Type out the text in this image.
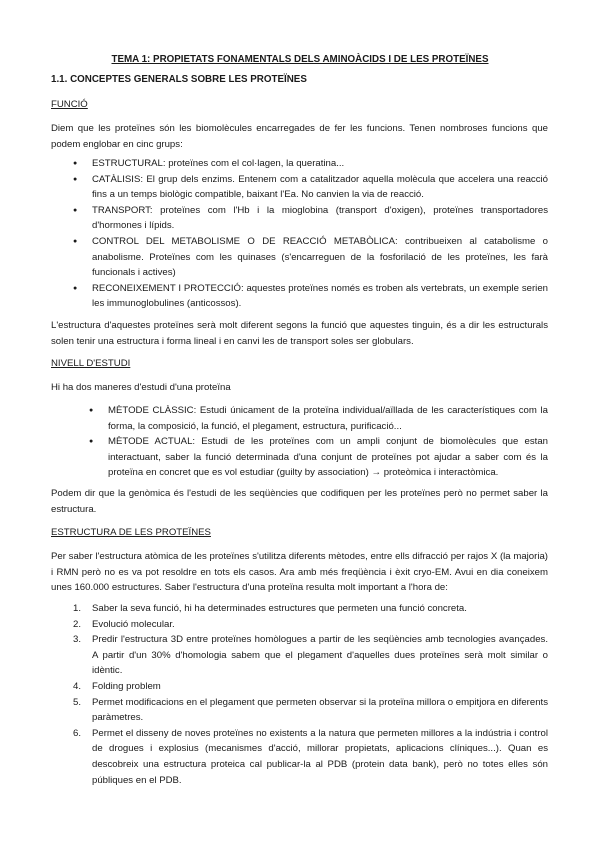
TEMA 1: PROPIETATS FONAMENTALS DELS AMINOÀCIDS I DE LES PROTEÏNES
1.1. CONCEPTES GENERALS SOBRE LES PROTEÏNES
FUNCIÓ
Diem que les proteïnes són les biomolècules encarregades de fer les funcions. Tenen nombroses funcions que podem englobar en cinc grups:
● ESTRUCTURAL: proteïnes com el col·lagen, la queratina...
● CATÀLISIS: El grup dels enzims. Entenem com a catalitzador aquella molècula que accelera una reacció fins a un temps biològic compatible, baixant l'Ea. No canvien la via de reacció.
● TRANSPORT: proteïnes com l'Hb i la mioglobina (transport d'oxigen), proteïnes transportadores d'hormones i lípids.
● CONTROL DEL METABOLISME O DE REACCIÓ METABÒLICA: contribueixen al catabolisme o anabolisme. Proteïnes com les quinases (s'encarreguen de la fosforilació de les proteïnes, les farà funcionals i actives)
● RECONEIXEMENT I PROTECCIÓ: aquestes proteïnes només es troben als vertebrats, un exemple serien les immunoglobulines (anticossos).
L'estructura d'aquestes proteïnes serà molt diferent segons la funció que aquestes tinguin, és a dir les estructurals solen tenir una estructura i forma lineal i en canvi les de transport soles ser globulars.
NIVELL D'ESTUDI
Hi ha dos maneres d'estudi d'una proteïna
● MÈTODE CLÀSSIC: Estudi únicament de la proteïna individual/aïllada de les característiques com la forma, la composició, la funció, el plegament, estructura, purificació...
● MÈTODE ACTUAL: Estudi de les proteïnes com un ampli conjunt de biomolècules que estan interactuant, saber la funció determinada d'una conjunt de proteïnes pot ajudar a saber com és la proteïna en concret que es vol estudiar (guilty by association) → proteòmica i interactòmica.
Podem dir que la genòmica és l'estudi de les seqüències que codifiquen per les proteïnes però no permet saber la estructura.
ESTRUCTURA DE LES PROTEÏNES
Per saber l'estructura atòmica de les proteïnes s'utilitza diferents mètodes, entre ells difracció per rajos X (la majoria) i RMN però no es va pot resoldre en tots els casos. Ara amb més freqüència i èxit cryo-EM. Avui en dia coneixem unes 160.000 estructures. Saber l'estructura d'una proteïna resulta molt important a l'hora de:
1. Saber la seva funció, hi ha determinades estructures que permeten una funció concreta.
2. Evolució molecular.
3. Predir l'estructura 3D entre proteïnes homòlogues a partir de les seqüències amb tecnologies avançades. A partir d'un 30% d'homologia sabem que el plegament d'aquelles dues proteïnes serà molt similar o idèntic.
4. Folding problem
5. Permet modificacions en el plegament que permeten observar si la proteïna millora o empitjora en diferents paràmetres.
6. Permet el disseny de noves proteïnes no existents a la natura que permeten millores a la indústria i control de drogues i explosius (mecanismes d'acció, millorar propietats, aplicacions clíniques...). Quan es descobreix una estructura proteica cal publicar-la al PDB (protein data bank), però no totes elles són públiques en el PDB.
